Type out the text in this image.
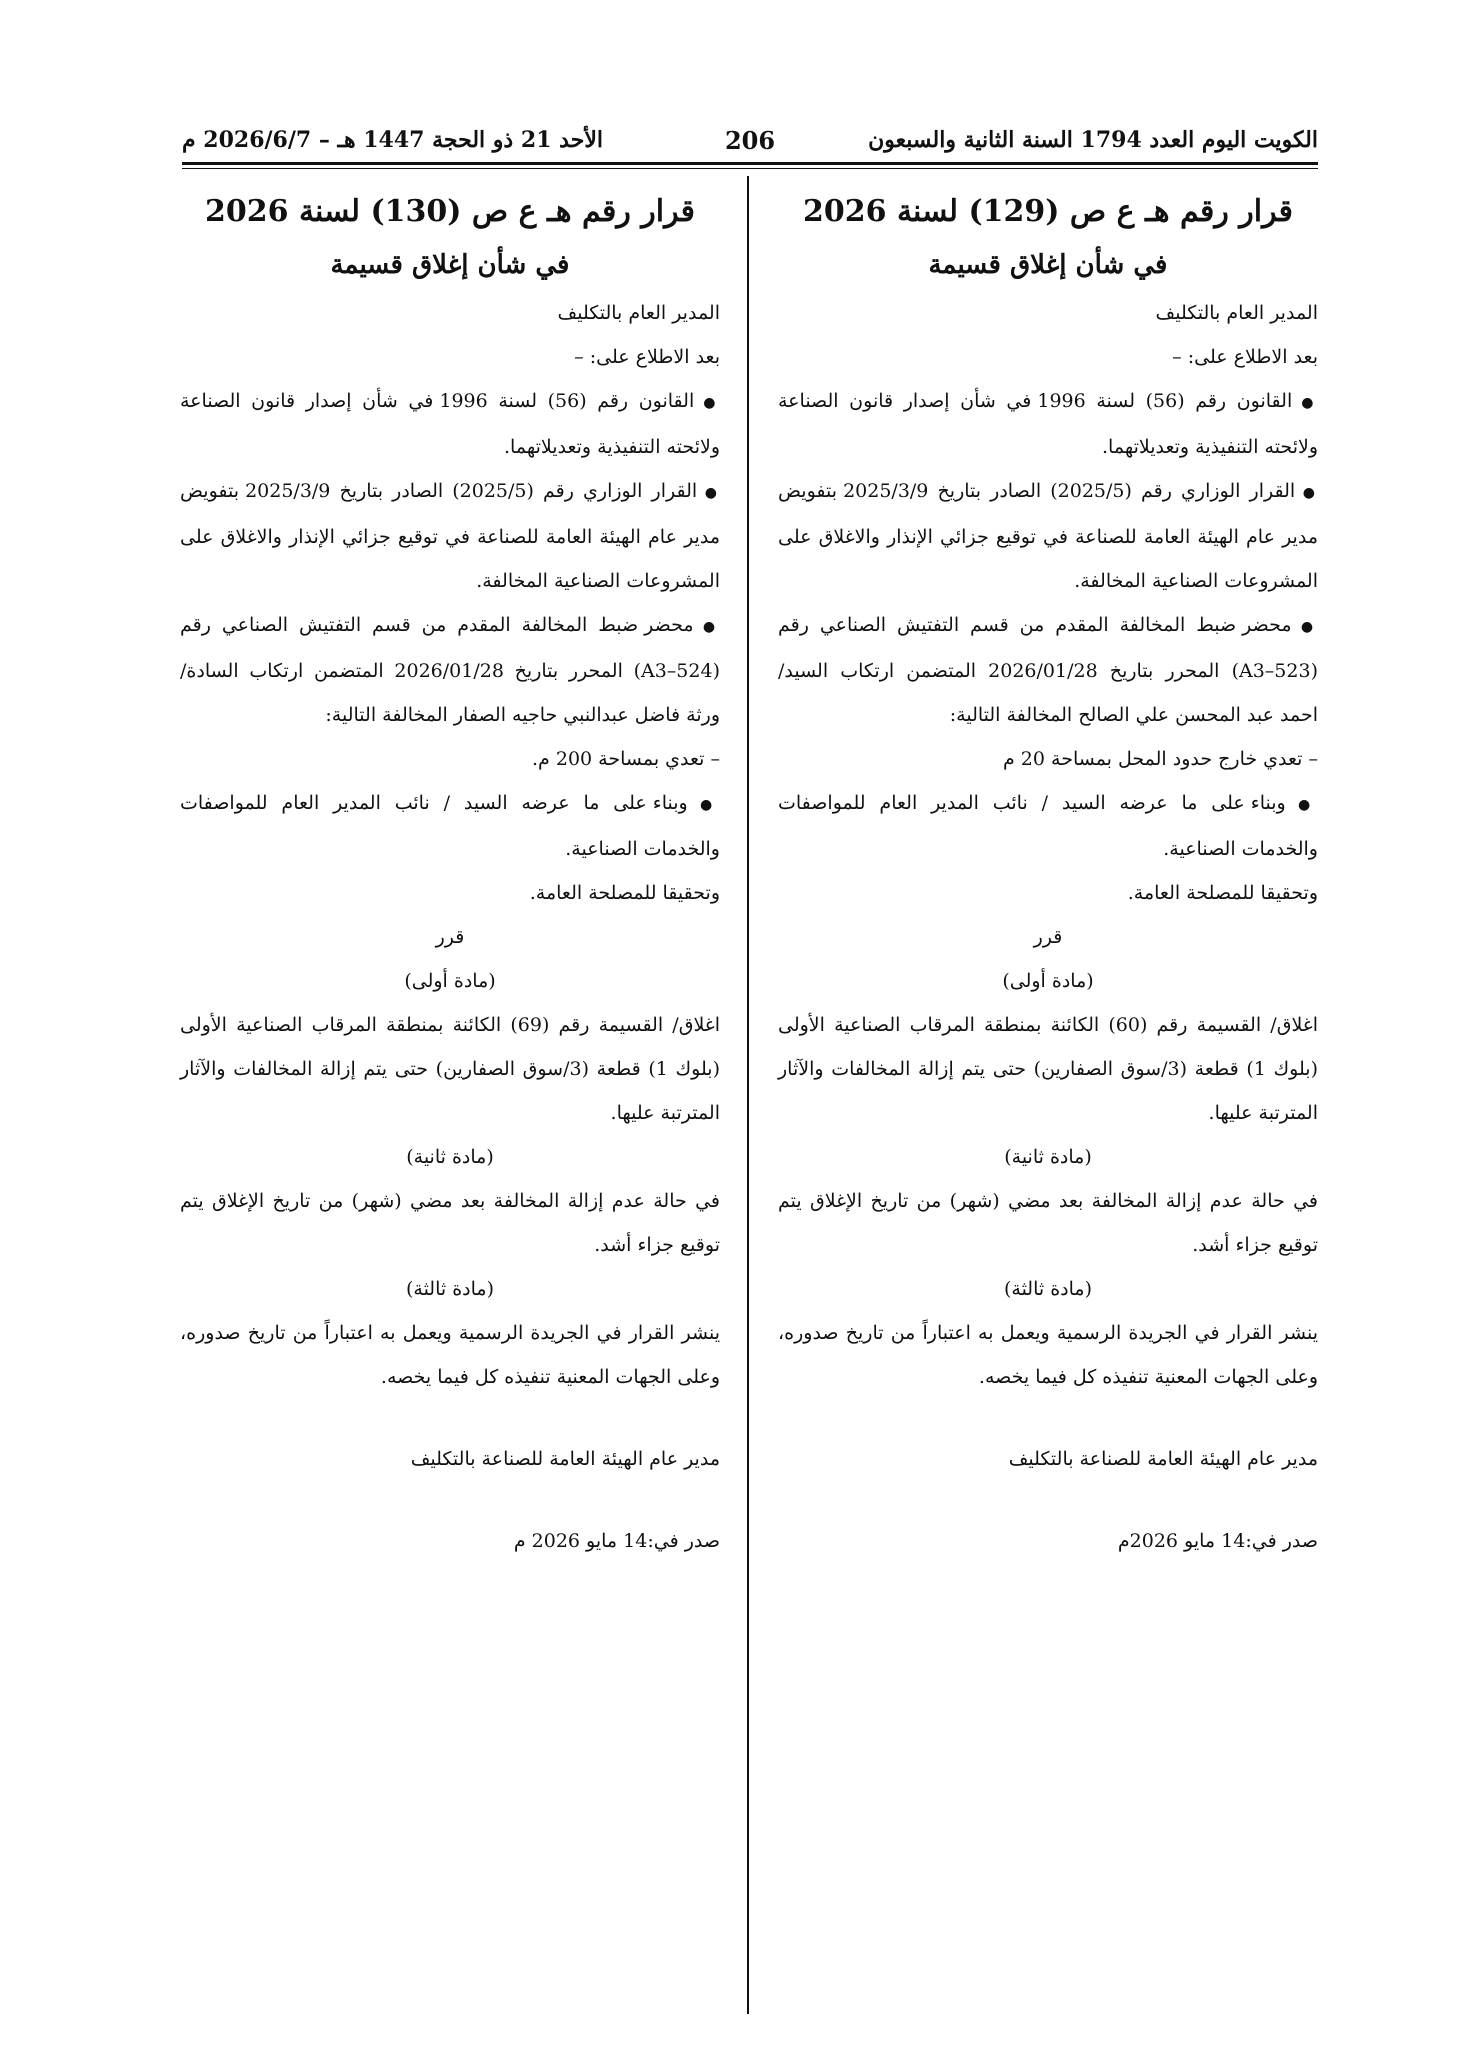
الكويت اليوم العدد 1794 السنة الثانية والسبعون
206
الأحد 21 ذو الحجة 1447 هـ – 2026/6/7 م

قرار رقم هـ ع ص (129) لسنة 2026

في شأن إغلاق قسيمة

المدير العام بالتكليف

بعد الاطلاع على: –

● القانون رقم (56) لسنة 1996 في شأن إصدار قانون الصناعة ولائحته التنفيذية وتعديلاتهما.

● القرار الوزاري رقم (2025/5) الصادر بتاريخ 2025/3/9 بتفويض مدير عام الهيئة العامة للصناعة في توقيع جزائي الإنذار والاغلاق على المشروعات الصناعية المخالفة.

● محضر ضبط المخالفة المقدم من قسم التفتيش الصناعي رقم (A3–523) المحرر بتاريخ 2026/01/28 المتضمن ارتكاب السيد/ احمد عبد المحسن علي الصالح المخالفة التالية:

– تعدي خارج حدود المحل بمساحة 20 م

● وبناء على ما عرضه السيد / نائب المدير العام للمواصفات والخدمات الصناعية.

وتحقيقا للمصلحة العامة.

قرر

(مادة أولى)

اغلاق/ القسيمة رقم (60) الكائنة بمنطقة المرقاب الصناعية الأولى (بلوك 1) قطعة (3/سوق الصفارين) حتى يتم إزالة المخالفات والآثار المترتبة عليها.

(مادة ثانية)

في حالة عدم إزالة المخالفة بعد مضي (شهر) من تاريخ الإغلاق يتم توقيع جزاء أشد.

(مادة ثالثة)

ينشر القرار في الجريدة الرسمية ويعمل به اعتباراً من تاريخ صدوره، وعلى الجهات المعنية تنفيذه كل فيما يخصه.

مدير عام الهيئة العامة للصناعة بالتكليف

صدر في:14 مايو 2026م

قرار رقم هـ ع ص (130) لسنة 2026

في شأن إغلاق قسيمة

المدير العام بالتكليف

بعد الاطلاع على: –

● القانون رقم (56) لسنة 1996 في شأن إصدار قانون الصناعة ولائحته التنفيذية وتعديلاتهما.

● القرار الوزاري رقم (2025/5) الصادر بتاريخ 2025/3/9 بتفويض مدير عام الهيئة العامة للصناعة في توقيع جزائي الإنذار والاغلاق على المشروعات الصناعية المخالفة.

● محضر ضبط المخالفة المقدم من قسم التفتيش الصناعي رقم (A3–524) المحرر بتاريخ 2026/01/28 المتضمن ارتكاب السادة/ ورثة فاضل عبدالنبي حاجيه الصفار المخالفة التالية:

– تعدي بمساحة 200 م.

● وبناء على ما عرضه السيد / نائب المدير العام للمواصفات والخدمات الصناعية.

وتحقيقا للمصلحة العامة.

قرر

(مادة أولى)

اغلاق/ القسيمة رقم (69) الكائنة بمنطقة المرقاب الصناعية الأولى (بلوك 1) قطعة (3/سوق الصفارين) حتى يتم إزالة المخالفات والآثار المترتبة عليها.

(مادة ثانية)

في حالة عدم إزالة المخالفة بعد مضي (شهر) من تاريخ الإغلاق يتم توقيع جزاء أشد.

(مادة ثالثة)

ينشر القرار في الجريدة الرسمية ويعمل به اعتباراً من تاريخ صدوره، وعلى الجهات المعنية تنفيذه كل فيما يخصه.

مدير عام الهيئة العامة للصناعة بالتكليف

صدر في:14 مايو 2026 م
